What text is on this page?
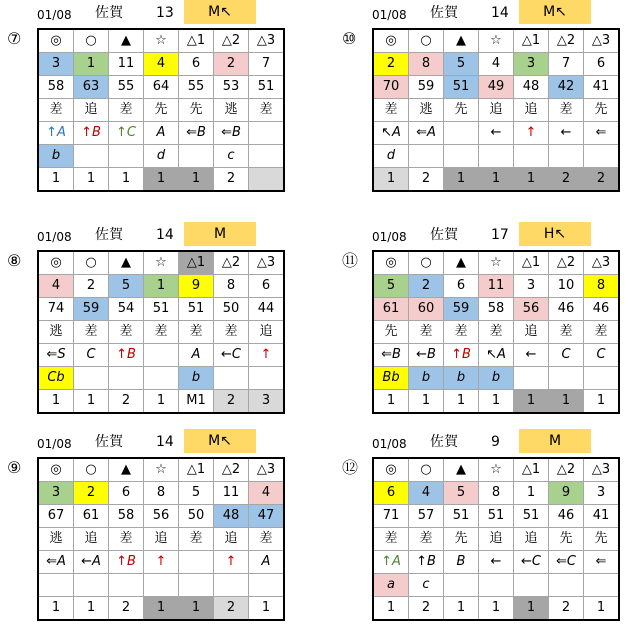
01/08 佐賀 13	M↖
⑦ ◎	○	▲	☆	△1	△2	△3
3	1	11	4	6	2	7
58	63	55	64	55	53	51
差	追	差	先	先	逃	差
↑A	↑B	↑C	A	⇐B	⇐B	
b			d		c	
1	1	1	1	1	2	
01/08 佐賀 14	M↖
⑩ ◎	○	▲	☆	△1	△2	△3
2	8	5	4	3	7	6
70	59	51	49	48	42	41
差	逃	先	追	追	差	先
↖A	⇐A		←	↑	←	⇐
d						
1	2	1	1	1	2	2
01/08 佐賀 14	M
⑧ ◎	○	▲	☆	△1	△2	△3
4	2	5	1	9	8	6
74	59	54	51	51	50	44
逃	差	差	差	差	差	追
⇐S	C	↑B		A	←C	↑
Cb				b		
1	1	2	1	M1	2	3
01/08 佐賀 17	H↖
⑪ ◎	○	▲	☆	△1	△2	△3
5	2	6	11	3	10	8
61	60	59	58	56	46	46
先	差	差	差	追	差	差
⇐B	←B	↑B	↖A	←	C	C
Bb	b	b	b			
1	1	1	1	1	1	1
01/08 佐賀 14	M↖
⑨ ◎	○	▲	☆	△1	△2	△3
3	2	6	8	5	11	4
67	61	58	56	50	48	47
逃	追	差	追	差	追	差
⇐A	←A	↑B	↑		↑	A

1	1	2	1	1	2	1
01/08 佐賀 9	M
⑫ ◎	○	▲	☆	△1	△2	△3
6	4	5	8	1	9	3
71	57	51	51	51	46	41
差	差	先	追	追	先	先
↑A	↑B	B	←	←C	⇐C	⇐
a	c					
1	2	1	1	1	2	1
